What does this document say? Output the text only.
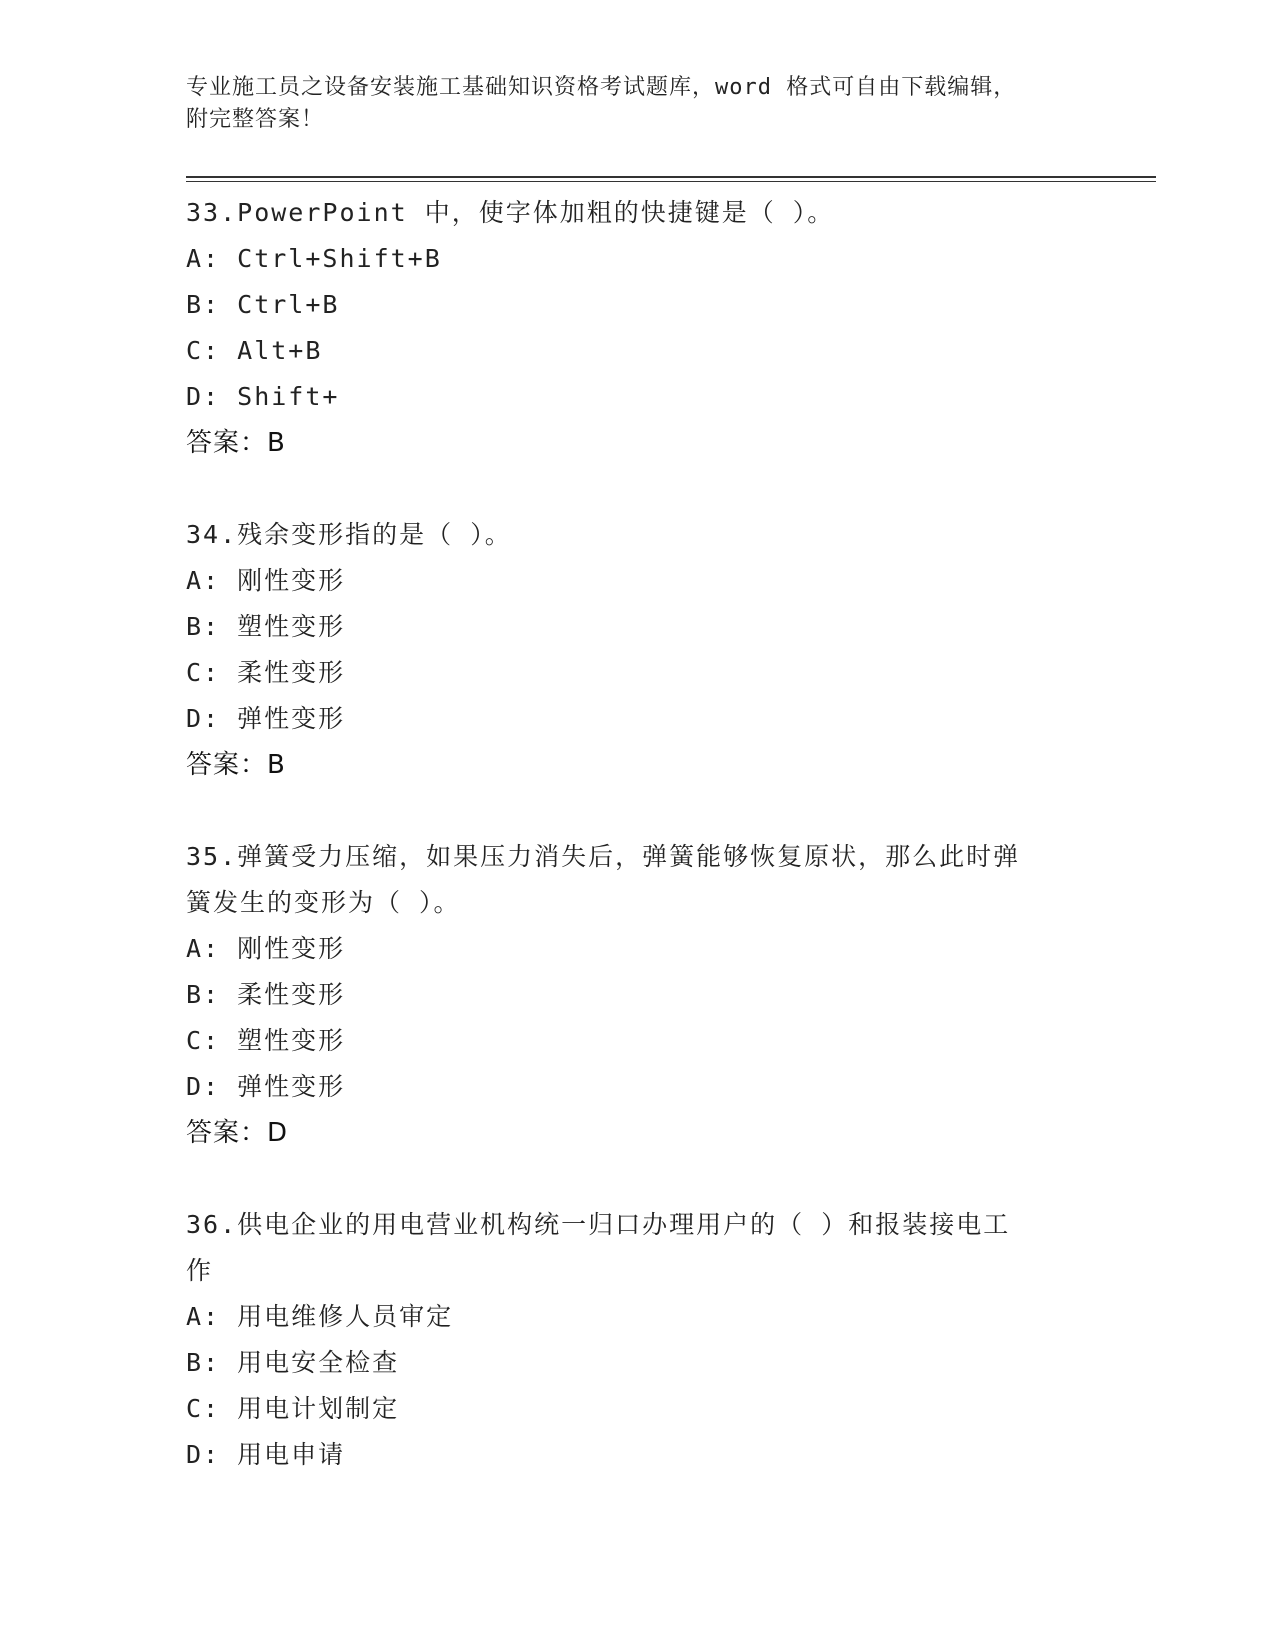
专业施工员之设备安装施工基础知识资格考试题库，word 格式可自由下载编辑，
附完整答案！
33.PowerPoint 中，使字体加粗的快捷键是（ ）。
A: Ctrl+Shift+B
B: Ctrl+B
C: Alt+B
D: Shift+
答案：B
34.残余变形指的是（ ）。
A: 刚性变形
B: 塑性变形
C: 柔性变形
D: 弹性变形
答案：B
35.弹簧受力压缩，如果压力消失后，弹簧能够恢复原状，那么此时弹
簧发生的变形为（ ）。
A: 刚性变形
B: 柔性变形
C: 塑性变形
D: 弹性变形
答案：D
36.供电企业的用电营业机构统一归口办理用户的（ ）和报装接电工
作
A: 用电维修人员审定
B: 用电安全检查
C: 用电计划制定
D: 用电申请
